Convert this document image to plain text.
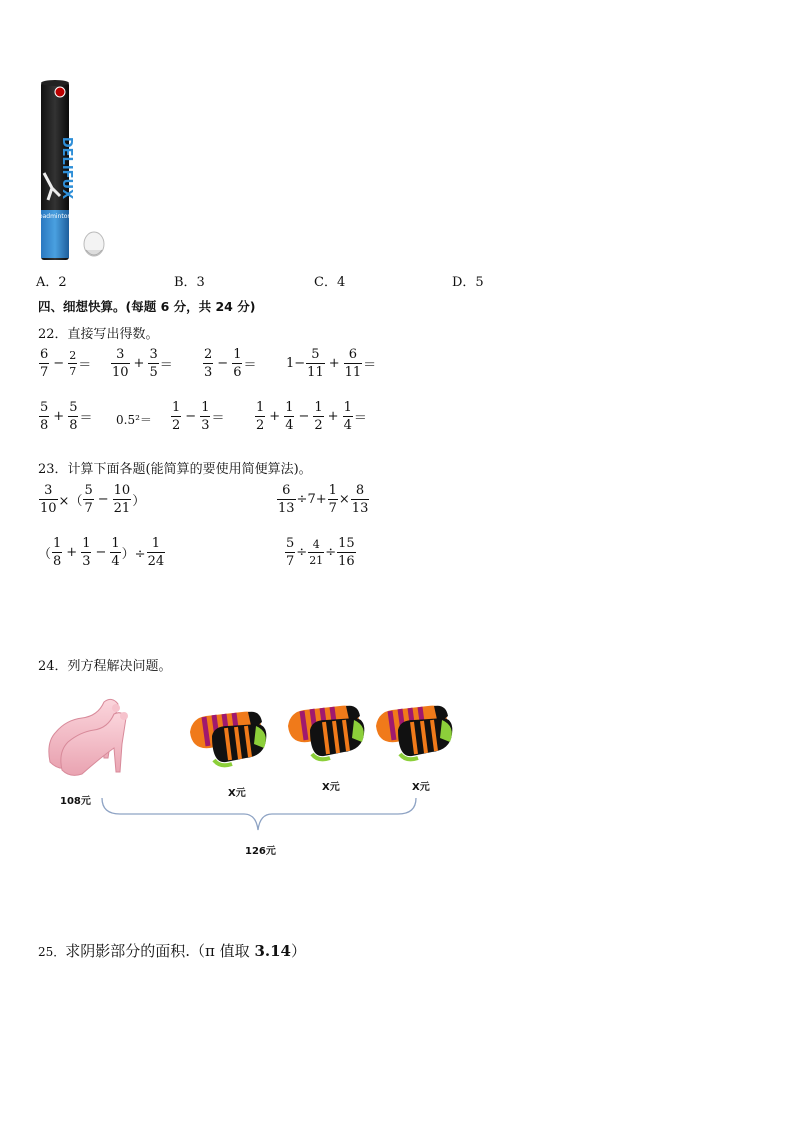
DELIFUX
badminton
A．2	B．3	C．4	D．5
四、细想快算。(每题 6 分，共 24 分)
22．直接写出得数。
$\frac{6}{7} - \frac{2}{7} = \frac{3}{10} + \frac{3}{5} = \frac{2}{3} - \frac{1}{6} = 1- \frac{5}{11} + \frac{6}{11}$ ＝
$\frac{5}{8} + \frac{5}{8} = 0.5^2= \frac{1}{2} - \frac{1}{3} = \frac{1}{2} + \frac{1}{4} - \frac{1}{2} + \frac{1}{4}$ ＝
23．计算下面各题(能简算的要使用简便算法)。
$\frac{3}{10}$ ×（ $\frac{5}{7} - \frac{10}{21}$ ）	$\frac{6}{13} \div 7+ \frac{1}{7} \times \frac{8}{13}$
（ $\frac{1}{8} + \frac{1}{3} - \frac{1}{4}$ ）÷ $\frac{1}{24}$	$\frac{5}{7} \div \frac{4}{21} \div \frac{15}{16}$
24．列方程解决问题。
108元
X元
X元	X元
126元
25．求阴影部分的面积.（π 值取 3.14）
